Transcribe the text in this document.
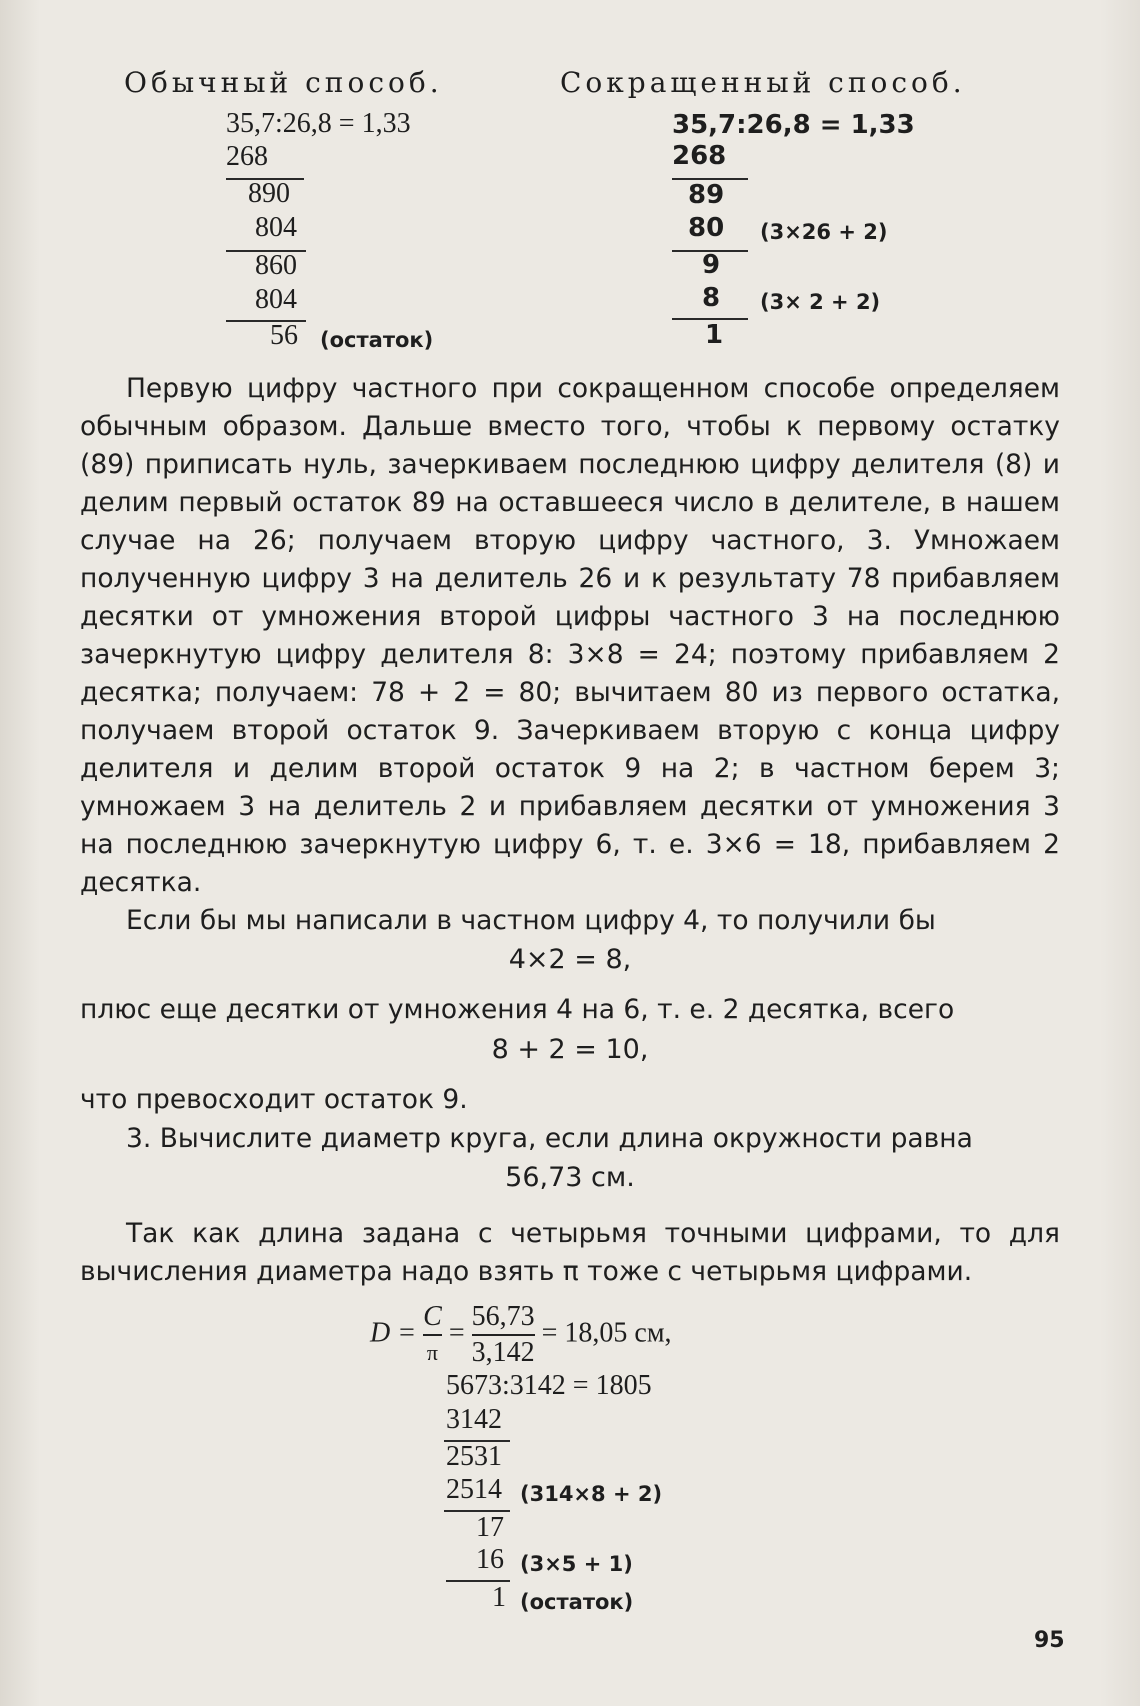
Обычный способ.	Сокращенный способ.
35,7:26,8 = 1,33
268
890
804
860
804
56 (остаток)
35,7:26,8 = 1,33
268
89
80 (3×26 + 2)
9
8 (3× 2 + 2)
1
Первую цифру частного при сокращенном способе определяем обычным образом. Дальше вместо того, чтобы к первому остатку (89) приписать нуль, зачеркиваем последнюю цифру делителя (8) и делим первый остаток 89 на оставшееся число в делителе, в нашем случае на 26; получаем вторую цифру частного, 3. Умножаем полученную цифру 3 на делитель 26 и к результату 78 прибавляем десятки от умножения второй цифры частного 3 на последнюю зачеркнутую цифру делителя 8: 3×8 = 24; поэтому прибавляем 2 десятка; получаем: 78 + 2 = 80; вычитаем 80 из первого остатка, получаем второй остаток 9. Зачеркиваем вторую с конца цифру делителя и делим второй остаток 9 на 2; в частном берем 3; умножаем 3 на делитель 2 и прибавляем десятки от умножения 3 на последнюю зачеркнутую цифру 6, т. е. 3×6 = 18, прибавляем 2 десятка.
Если бы мы написали в частном цифру 4, то получили бы
4×2 = 8,
плюс еще десятки от умножения 4 на 6, т. е. 2 десятка, всего
8 + 2 = 10,
что превосходит остаток 9.
3. Вычислите диаметр круга, если длина окружности равна
56,73 см.
Так как длина задана с четырьмя точными цифрами, то для вычисления диаметра надо взять π тоже с четырьмя цифрами.
$D = \frac{C}{\pi} = \frac{56,73}{3,142} = 18,05$ см,
5673:3142 = 1805
3142
2531
2514 (314×8 + 2)
17
16 (3×5 + 1)
1 (остаток)
95
